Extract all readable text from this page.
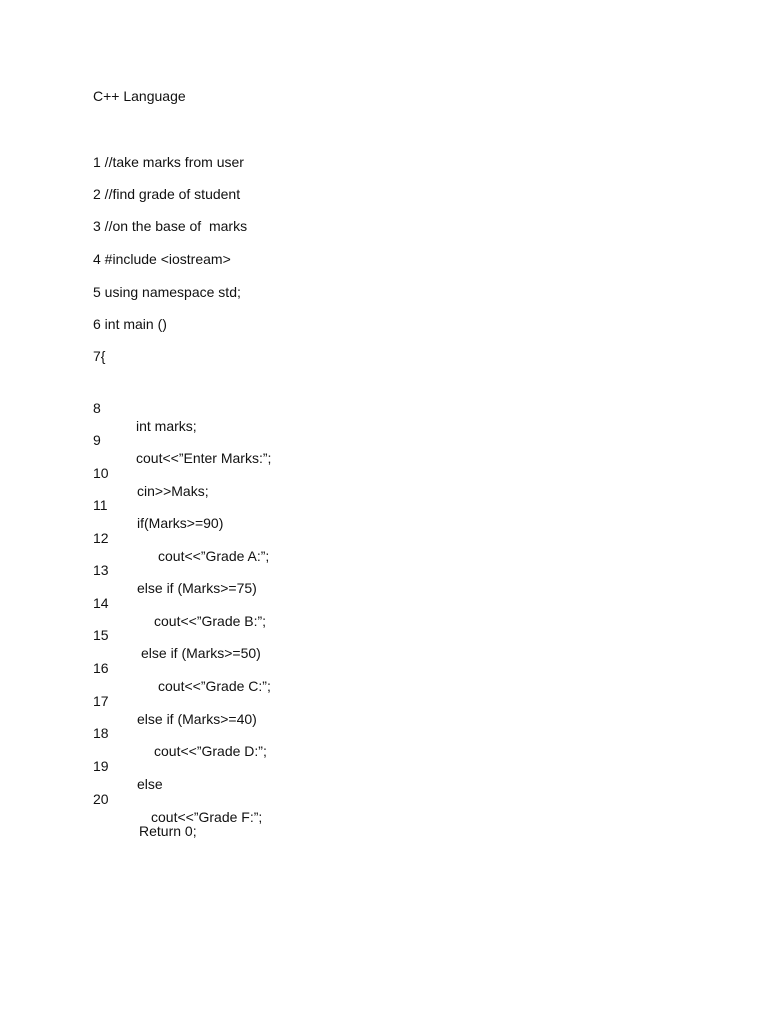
C++ Language
1 //take marks from user
2 //find grade of student
3 //on the base of  marks
4 #include <iostream>
5 using namespace std;
6 int main ()
7{

8

int marks;

9

cout<<”Enter Marks:”;

10

cin>>Maks;

11

if(Marks>=90)

12

cout<<”Grade A:”;

13

else if (Marks>=75)

14

cout<<”Grade B:”;

15

else if (Marks>=50)

16

cout<<”Grade C:”;

17

else if (Marks>=40)

18

cout<<”Grade D:”;

19

else

20

cout<<”Grade F:”;

Return 0;
